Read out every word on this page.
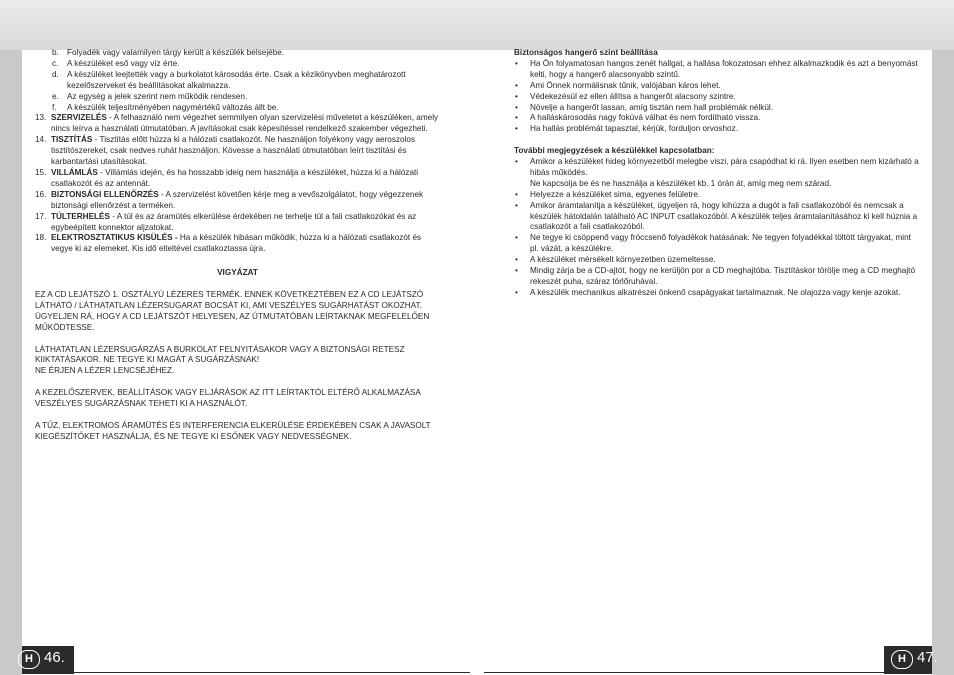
b. Folyadék vagy valamilyen tárgy került a készülék belsejébe.
c. A készüléket eső vagy víz érte.
d. A készüléket leejtették vagy a burkolatot károsodás érte. Csak a kézikönyvben meghatározott kezelőszerveket és beállításokat alkalmazza.
e. Az egység a jelek szerint nem működik rendesen.
f. A készülék teljesítményében nagymértékű változás állt be.
13. SZERVIZELÉS - A felhasználó nem végezhet semmilyen olyan szervizelési műveletet a készüléken, amely nincs leírva a használati útmutatóban. A javításokat csak képesítéssel rendelkező szakember végezheti.
14. TISZTÍTÁS - Tisztítás előtt húzza ki a hálózati csatlakozót. Ne használjon folyékony vagy aeroszolos tisztítószereket, csak nedves ruhát használjon. Kövesse a használati útmutatóban leírt tisztítási és karbantartási utasításokat.
15. VILLÁMLÁS - Villámlás idején, és ha hosszabb ideig nem használja a készüléket, húzza ki a hálózati csatlakozót és az antennát.
16. BIZTONSÁGI ELLENŐRZÉS - A szervizelést követően kérje meg a vevőszolgálatot, hogy végezzenek biztonsági ellenőrzést a terméken.
17. TÚLTERHELÉS - A túl és az áramütés elkerülése érdekében ne terhelje túl a fali csatlakozókat és az egybeépített konnektor aljzatokat.
18. ELEKTROSZTATIKUS KISÜLÉS - Ha a készülék hibásan működik, húzza ki a hálózati csatlakozót és vegye ki az elemeket. Kis idő elteltével csatlakoztassa újra.
VIGYÁZAT
EZ A CD LEJÁTSZÓ 1. OSZTÁLYÚ LÉZERES TERMÉK. ENNEK KÖVETKEZTÉBEN EZ A CD LEJÁTSZÓ LÁTHATÓ / LÁTHATATLAN LÉZERSUGARAT BOCSÁT KI, AMI VESZÉLYES SUGÁRHATÁST OKOZHAT. ÜGYELJEN RÁ, HOGY A CD LEJÁTSZÓT HELYESEN, AZ ÚTMUTATÓBAN LEÍRTAKNAK MEGFELELŐEN MŰKÖDTESSE.
LÁTHATATLAN LÉZERSUGÁRZÁS A BURKOLAT FELNYITÁSAKOR VAGY A BIZTONSÁGI RETESZ KIIKTATÁSAKOR. NE TEGYE KI MAGÁT A SUGÁRZÁSNAK!
NE ÉRJEN A LÉZER LENCSÉJÉHEZ.
A KEZELŐSZERVEK, BEÁLLÍTÁSOK VAGY ELJÁRÁSOK AZ ITT LEÍRTAKTÓL ELTÉRŐ ALKALMAZÁSA VESZÉLYES SUGÁRZÁSNAK TEHETI KI A HASZNÁLÓT.
A TŰZ, ELEKTROMOS ÁRAMÜTÉS ÉS INTERFERENCIA ELKERÜLÉSE ÉRDEKÉBEN CSAK A JAVASOLT KIEGÉSZÍTŐKET HASZNÁLJA, ÉS NE TEGYE KI ESŐNEK VAGY NEDVESSÉGNEK.
Biztonságos hangerő szint beállítása
• Ha Ön folyamatosan hangos zenét hallgat, a hallása fokozatosan ehhez alkalmazkodik és azt a benyomást kelti, hogy a hangerő alacsonyabb szintű.
• Ami Önnek normálisnak tűnik, valójában káros lehet.
• Védekezésül ez ellen állítsa a hangerőt alacsony szintre.
• Növelje a hangerőt lassan, amíg tisztán nem hall problémák nélkül.
• A halláskárosodás nagy fokúvá válhat és nem fordítható vissza.
• Ha hallás problémát tapasztal, kérjük, forduljon orvoshoz.
További megjegyzések a készülékkel kapcsolatban:
• Amikor a készüléket hideg környezetből melegbe viszi, pára csapódhat ki rá. Ilyen esetben nem kizárható a hibás működés.
Ne kapcsolja be és ne használja a készüléket kb. 1 órán át, amíg meg nem szárad.
• Helyezze a készüléket sima, egyenes felületre.
• Amikor áramtalanítja a készüléket, ügyeljen rá, hogy kihúzza a dugót a fali csatlakozóból és nemcsak a készülék hátoldalán található AC INPUT csatlakozóból. A készülék teljes áramtalanításához ki kell húznia a csatlakozót a fali csatlakozóból.
• Ne tegye ki csöppenő vagy fröccsenő folyadékok hatásának. Ne tegyen folyadékkal töltött tárgyakat, mint pl. vázát, a készülékre.
• A készüléket mérsékelt környezetben üzemeltesse.
• Mindig zárja be a CD-ajtót, hogy ne kerüljön por a CD meghajtóba. Tisztításkor törölje meg a CD meghajtó rekeszét puha, száraz törlőruhával.
• A készülék mechanikus alkatrészei önkenő csapágyakat tartalmaznak. Ne olajozza vagy kenje azokat.
H 46.	H 47.
